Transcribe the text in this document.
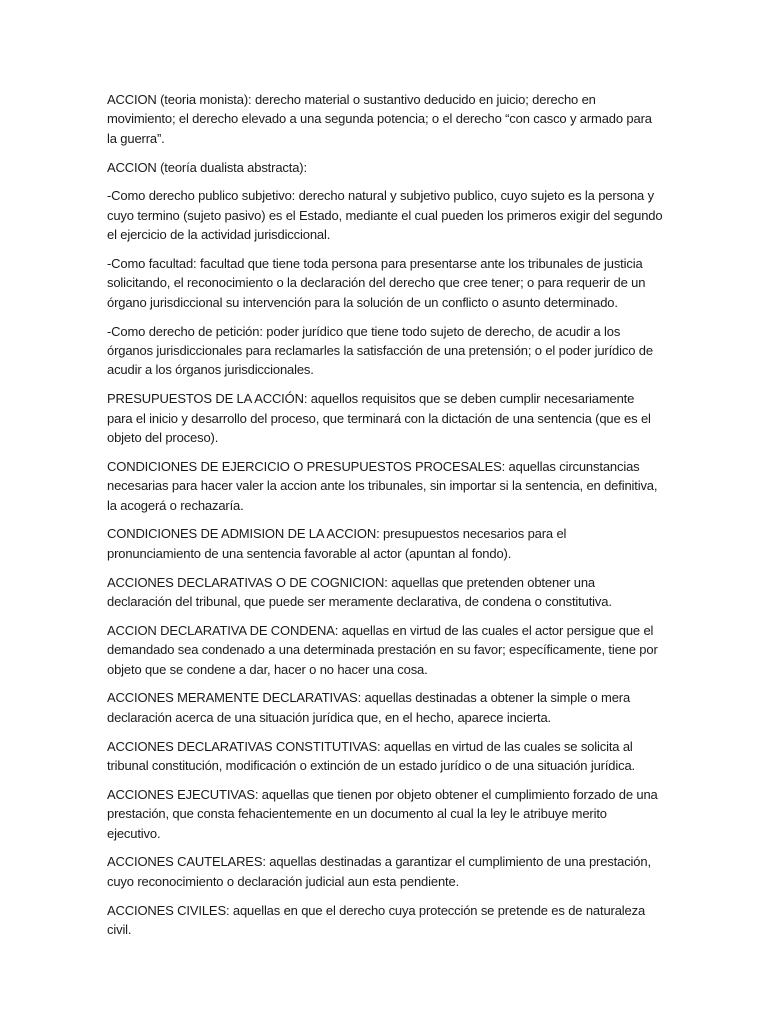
ACCION (teoria monista): derecho material o sustantivo deducido en juicio; derecho en movimiento; el derecho elevado a una segunda potencia; o el derecho “con casco y armado para la guerra”.

ACCION (teoría dualista abstracta):

-Como derecho publico subjetivo: derecho natural y subjetivo publico, cuyo sujeto es la persona y cuyo termino (sujeto pasivo) es el Estado, mediante el cual pueden los primeros exigir del segundo el ejercicio de la actividad jurisdiccional.

-Como facultad: facultad que tiene toda persona para presentarse ante los tribunales de justicia solicitando, el reconocimiento o la declaración del derecho que cree tener; o para requerir de un órgano jurisdiccional su intervención para la solución de un conflicto o asunto determinado.

-Como derecho de petición: poder jurídico que tiene todo sujeto de derecho, de acudir a los órganos jurisdiccionales para reclamarles la satisfacción de una pretensión; o el poder jurídico de acudir a los órganos jurisdiccionales.

PRESUPUESTOS DE LA ACCIÓN: aquellos requisitos que se deben cumplir necesariamente para el inicio y desarrollo del proceso, que terminará con la dictación de una sentencia (que es el objeto del proceso).

CONDICIONES DE EJERCICIO O PRESUPUESTOS PROCESALES: aquellas circunstancias necesarias para hacer valer la accion ante los tribunales, sin importar si la sentencia, en definitiva, la acogerá o rechazaría.

CONDICIONES DE ADMISION DE LA ACCION: presupuestos necesarios para el pronunciamiento de una sentencia favorable al actor (apuntan al fondo).

ACCIONES DECLARATIVAS O DE COGNICION: aquellas que pretenden obtener una declaración del tribunal, que puede ser meramente declarativa, de condena o constitutiva.

ACCION DECLARATIVA DE CONDENA: aquellas en virtud de las cuales el actor persigue que el demandado sea condenado a una determinada prestación en su favor; específicamente, tiene por objeto que se condene a dar, hacer o no hacer una cosa.

ACCIONES MERAMENTE DECLARATIVAS: aquellas destinadas a obtener la simple o mera declaración acerca de una situación jurídica que, en el hecho, aparece incierta.

ACCIONES DECLARATIVAS CONSTITUTIVAS: aquellas en virtud de las cuales se solicita al tribunal constitución, modificación o extinción de un estado jurídico o de una situación jurídica.

ACCIONES EJECUTIVAS: aquellas que tienen por objeto obtener el cumplimiento forzado de una prestación, que consta fehacientemente en un documento al cual la ley le atribuye merito ejecutivo.

ACCIONES CAUTELARES: aquellas destinadas a garantizar el cumplimiento de una prestación, cuyo reconocimiento o declaración judicial aun esta pendiente.

ACCIONES CIVILES: aquellas en que el derecho cuya protección se pretende es de naturaleza civil.
